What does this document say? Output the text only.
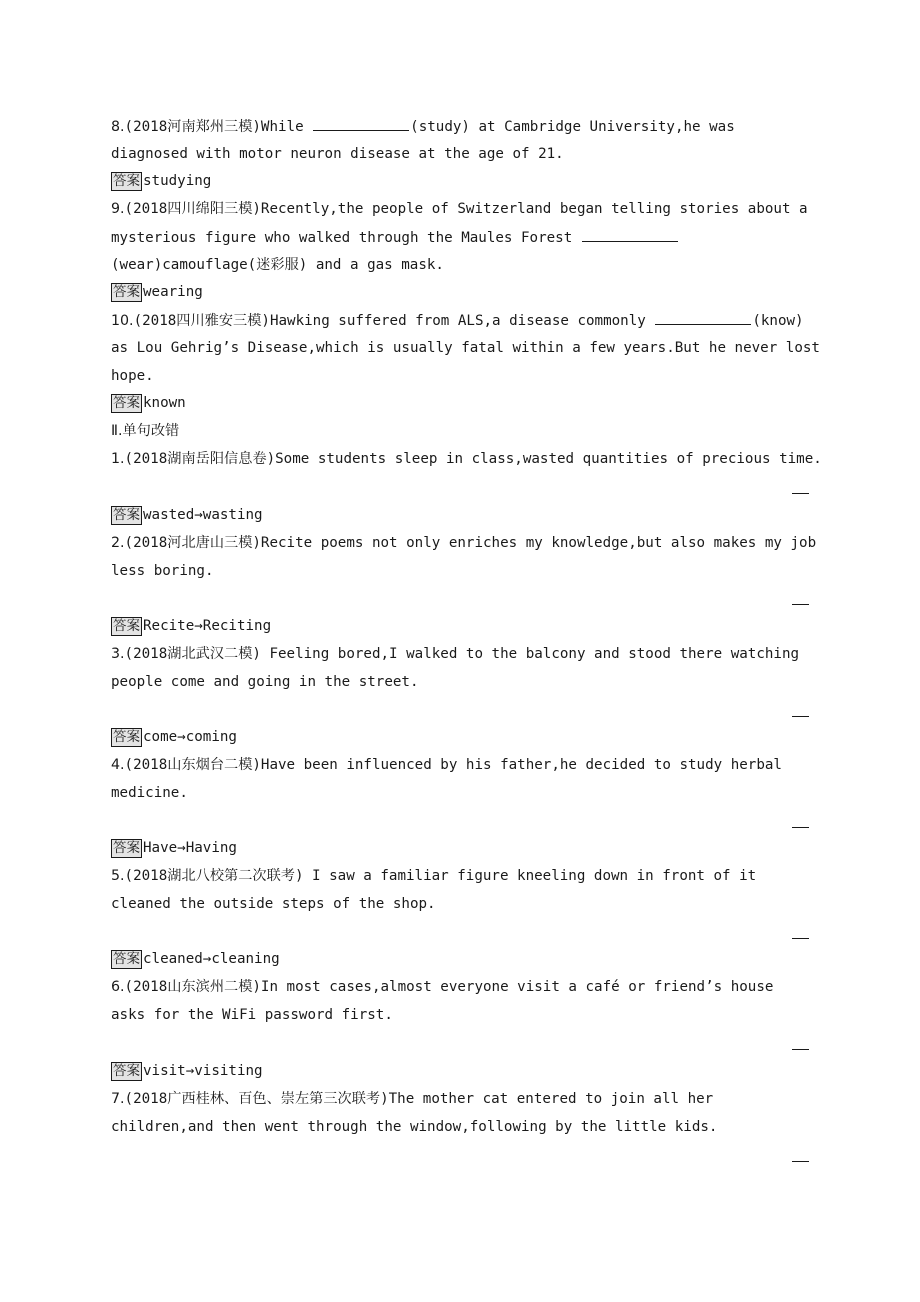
8.(2018河南郑州三模)While	(study) at Cambridge University,he was
diagnosed with motor neuron disease at the age of 21.
答案 studying
9.(2018四川绵阳三模)Recently,the people of Switzerland began telling stories about a
mysterious figure who walked through the Maules Forest
(wear)camouflage(迷彩服) and a gas mask.
答案 wearing
10.(2018四川雅安三模)Hawking suffered from ALS,a disease commonly	(know)
as Lou Gehrig’s Disease,which is usually fatal within a few years.But he never lost
hope.
答案 known
Ⅱ.单句改错
1.(2018湖南岳阳信息卷)Some students sleep in class,wasted quantities of precious time.
答案 wasted→wasting
2.(2018河北唐山三模)Recite poems not only enriches my knowledge,but also makes my job
less boring.
答案 Recite→Reciting
3.(2018湖北武汉二模) Feeling bored,I walked to the balcony and stood there watching
people come and going in the street.
答案 come→coming
4.(2018山东烟台二模)Have been influenced by his father,he decided to study herbal
medicine.
答案 Have→Having
5.(2018湖北八校第二次联考) I saw a familiar figure kneeling down in front of it
cleaned the outside steps of the shop.
答案 cleaned→cleaning
6.(2018山东滨州二模)In most cases,almost everyone visit a café or friend’s house
asks for the WiFi password first.
答案 visit→visiting
7.(2018广西桂林、百色、崇左第三次联考)The mother cat entered to join all her
children,and then went through the window,following by the little kids.
